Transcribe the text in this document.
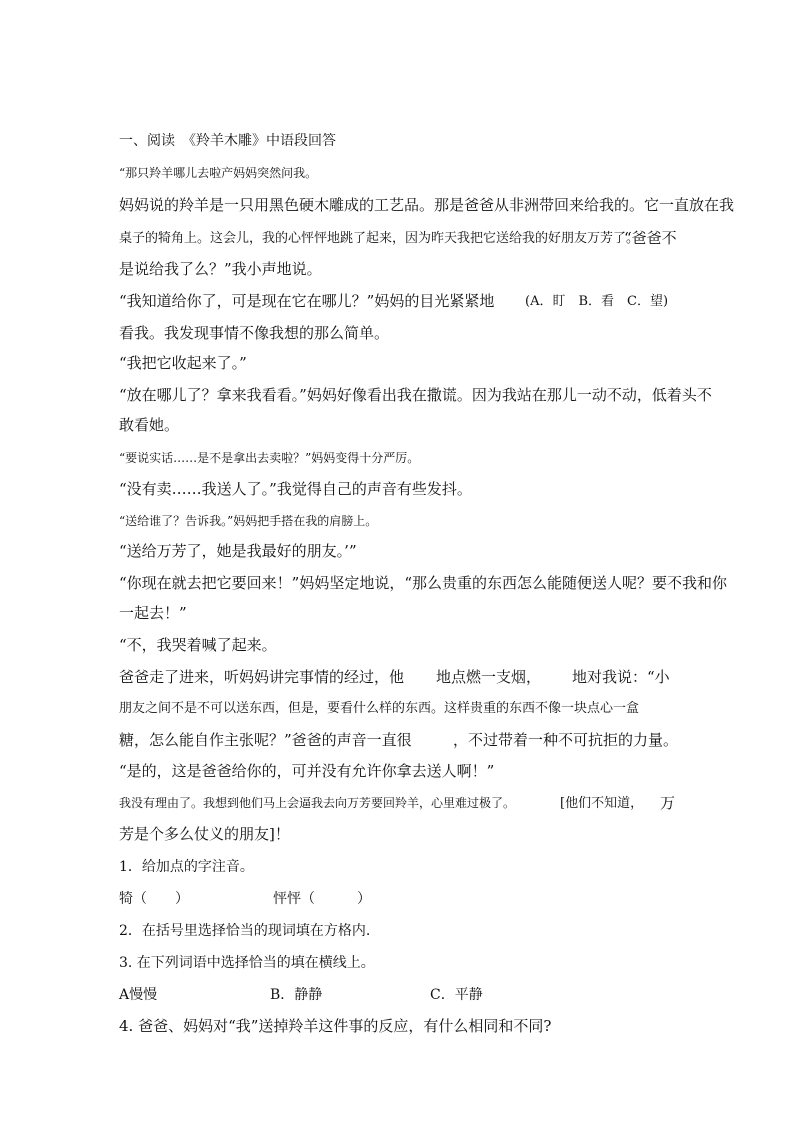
一、阅读　《羚羊木雕》中语段回答
“那只羚羊哪儿去啦产妈妈突然问我。
妈妈说的羚羊是一只用黑色硬木雕成的工艺品。那是爸爸从非洲带回来给我的。它一直放在我
桌子的犄角上。这会儿，我的心怦怦地跳了起来，因为昨天我把它送给我的好朋友万芳了。
“爸爸不
是说给我了么？”我小声地说。
“我知道给你了，可是现在它在哪儿？”妈妈的目光紧紧地 (A．盯　B．看　C．望)
看我。我发现事情不像我想的那么简单。
“我把它收起来了。”
“放在哪儿了？拿来我看看。”妈妈好像看出我在撒谎。因为我站在那儿一动不动，低着头不
敢看她。
“要说实话……是不是拿出去卖啦？”妈妈变得十分严厉。
“没有卖……我送人了。”我觉得自己的声音有些发抖。
“送给谁了？告诉我。”妈妈把手搭在我的肩膀上。
“送给万芳了，她是我最好的朋友。’”
“你现在就去把它要回来！”妈妈坚定地说，“那么贵重的东西怎么能随便送人呢？要不我和你
一起去！”
“不，我哭着喊了起来。
爸爸走了进来，听妈妈讲完事情的经过，他 地点燃一支烟， 地对我说：“小
朋友之间不是不可以送东西，但是，要看什么样的东西。这样贵重的东西不像一块点心一盒
糖，怎么能自作主张呢？”爸爸的声音一直很	，不过带着一种不可抗拒的力量。
“是的，这是爸爸给你的，可并没有允许你拿去送人啊！”
我没有理由了。我想到他们马上会逼我去向万芳要回羚羊，心里难过极了。	[他们不知道， 万
芳是个多么仗义的朋友]！
1．给加点的字注音。
犄（　　）	怦怦（　　　）
2．在括号里选择恰当的现词填在方格内.
3. 在下列词语中选择恰当的填在横线上。
A慢慢	B．静静	C．平静
4. 爸爸、妈妈对“我”送掉羚羊这件事的反应，有什么相同和不同?
